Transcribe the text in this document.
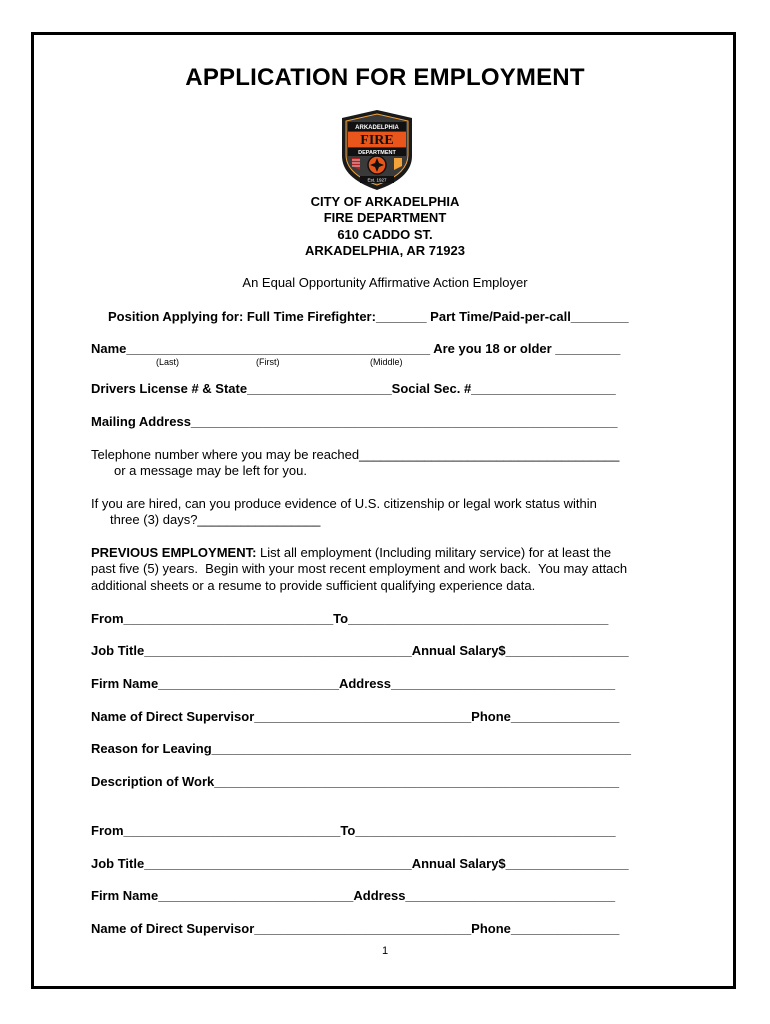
APPLICATION FOR EMPLOYMENT
ARKADELPHIA
FIRE
DEPARTMENT
Est. 1927
CITY OF ARKADELPHIA
FIRE DEPARTMENT
610 CADDO ST.
ARKADELPHIA, AR 71923
An Equal Opportunity Affirmative Action Employer
Position Applying for: Full Time Firefighter:_______ Part Time/Paid-per-call________
Name__________________________________________ Are you 18 or older _________
(Last)	(First)	(Middle)
Drivers License # & State____________________Social Sec. #____________________
Mailing Address___________________________________________________________
Telephone number where you may be reached____________________________________
or a message may be left for you.
If you are hired, can you produce evidence of U.S. citizenship or legal work status within
three (3) days?_________________
PREVIOUS EMPLOYMENT: List all employment (Including military service) for at least the
past five (5) years.  Begin with your most recent employment and work back.  You may attach
additional sheets or a resume to provide sufficient qualifying experience data.
From_____________________________To____________________________________
Job Title_____________________________________Annual Salary$_________________
Firm Name_________________________Address_______________________________
Name of Direct Supervisor______________________________Phone_______________
Reason for Leaving__________________________________________________________
Description of Work________________________________________________________
From______________________________To____________________________________
Job Title_____________________________________Annual Salary$_________________
Firm Name___________________________Address_____________________________
Name of Direct Supervisor______________________________Phone_______________
1
